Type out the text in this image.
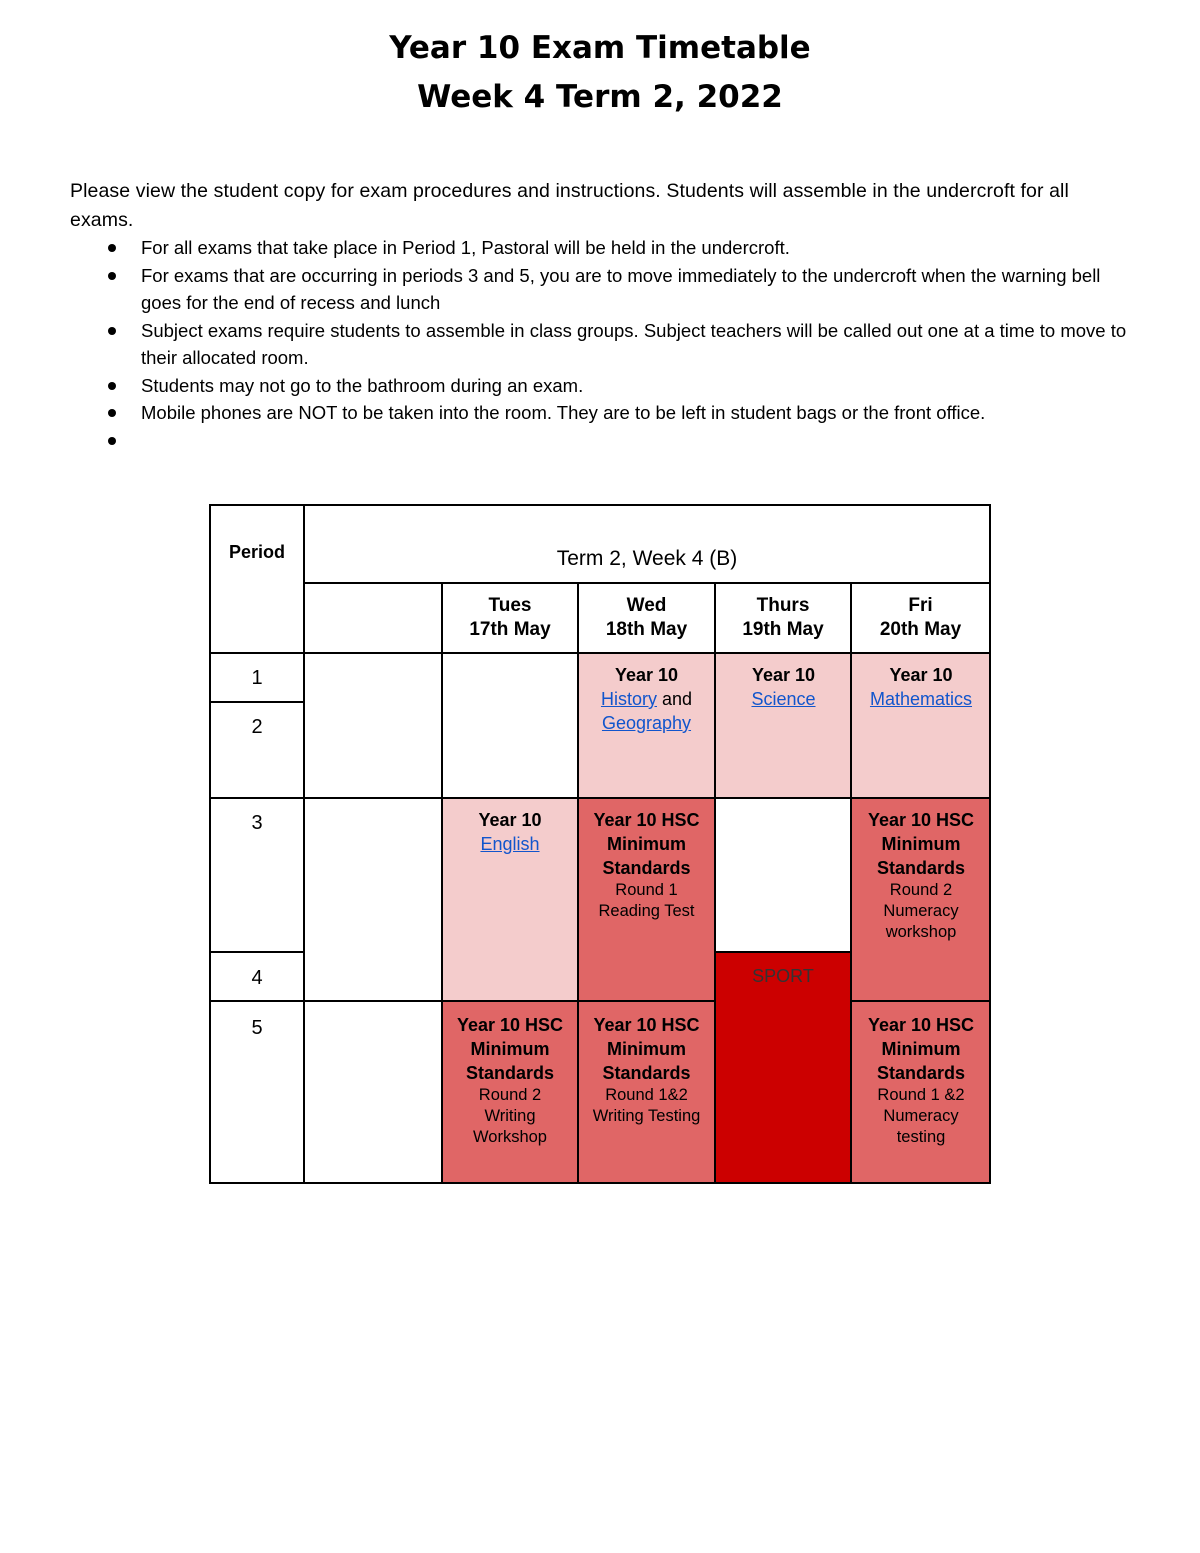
Year 10 Exam Timetable
Week 4 Term 2, 2022
Please view the student copy for exam procedures and instructions. Students will assemble in the undercroft for all exams.
For all exams that take place in Period 1, Pastoral will be held in the undercroft.
For exams that are occurring in periods 3 and 5, you are to move immediately to the undercroft when the warning bell goes for the end of recess and lunch
Subject exams require students to assemble in class groups. Subject teachers will be called out one at a time to move to their allocated room.
Students may not go to the bathroom during an exam.
Mobile phones are NOT to be taken into the room. They are to be left in student bags or the front office.

Period	Term 2, Week 4 (B)
Tues
17th May
Wed
18th May
Thurs
19th May
Fri
20th May
1
2
3
4
5
Year 10
History and
Geography
Year 10
Science
Year 10
Mathematics
Year 10
English
Year 10 HSC Minimum Standards
Round 1 Reading Test
Year 10 HSC Minimum Standards
Round 2 Numeracy workshop
SPORT
Year 10 HSC Minimum Standards
Round 2 Writing Workshop
Year 10 HSC Minimum Standards
Round 1&2 Writing Testing
Year 10 HSC Minimum Standards
Round 1 &2 Numeracy testing
